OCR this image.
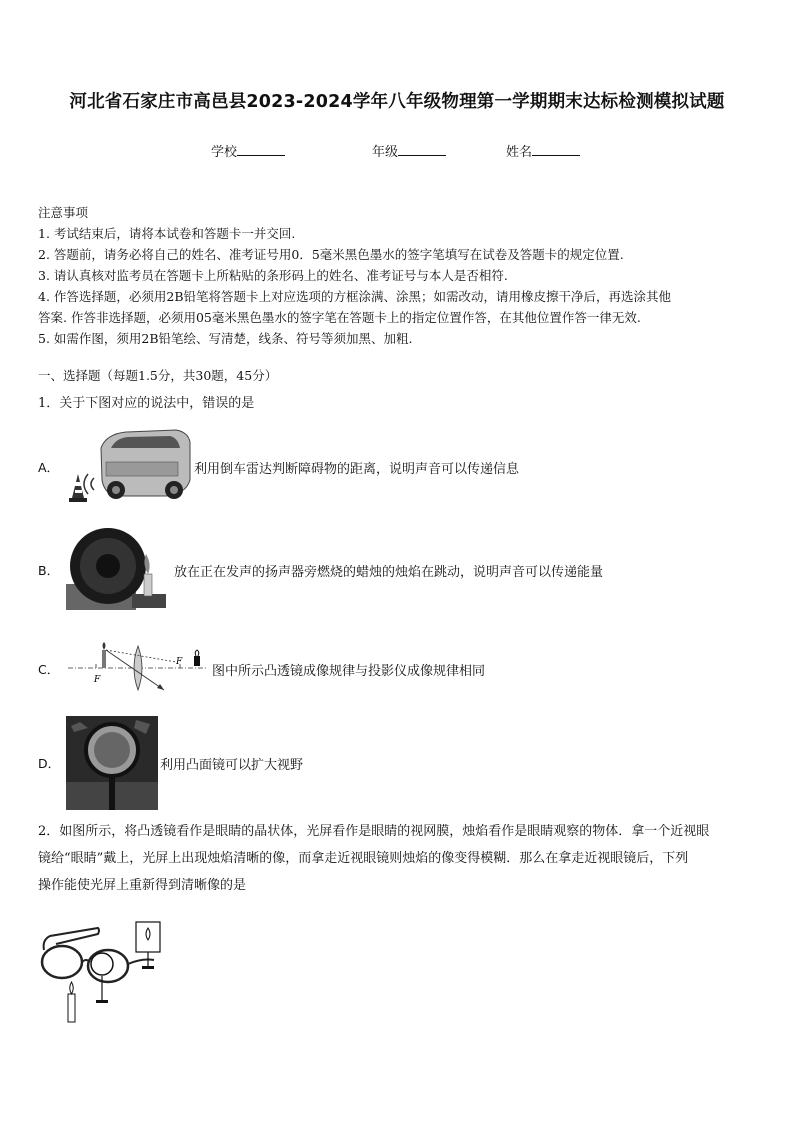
河北省石家庄市高邑县2023-2024学年八年级物理第一学期期末达标检测模拟试题
学校	年级	姓名
注意事项
1. 考试结束后，请将本试卷和答题卡一并交回.
2. 答题前，请务必将自己的姓名、准考证号用0．5毫米黑色墨水的签字笔填写在试卷及答题卡的规定位置.
3. 请认真核对监考员在答题卡上所粘贴的条形码上的姓名、准考证号与本人是否相符.
4. 作答选择题，必须用2B铅笔将答题卡上对应选项的方框涂满、涂黑；如需改动，请用橡皮擦干净后，再选涂其他
答案. 作答非选择题，必须用05毫米黑色墨水的签字笔在答题卡上的指定位置作答，在其他位置作答一律无效.
5. 如需作图，须用2B铅笔绘、写清楚，线条、符号等须加黑、加粗.
一、选择题（每题1.5分，共30题，45分）
1．关于下图对应的说法中，错误的是
A．	利用倒车雷达判断障碍物的距离，说明声音可以传递信息
B．	放在正在发声的扬声器旁燃烧的蜡烛的烛焰在跳动，说明声音可以传递能量
C．
F
F
图中所示凸透镜成像规律与投影仪成像规律相同
D．	利用凸面镜可以扩大视野
2．如图所示，将凸透镜看作是眼睛的晶状体，光屏看作是眼睛的视网膜，烛焰看作是眼睛观察的物体．拿一个近视眼
镜给“眼睛”戴上，光屏上出现烛焰清晰的像，而拿走近视眼镜则烛焰的像变得模糊．那么在拿走近视眼镜后，下列
操作能使光屏上重新得到清晰像的是
